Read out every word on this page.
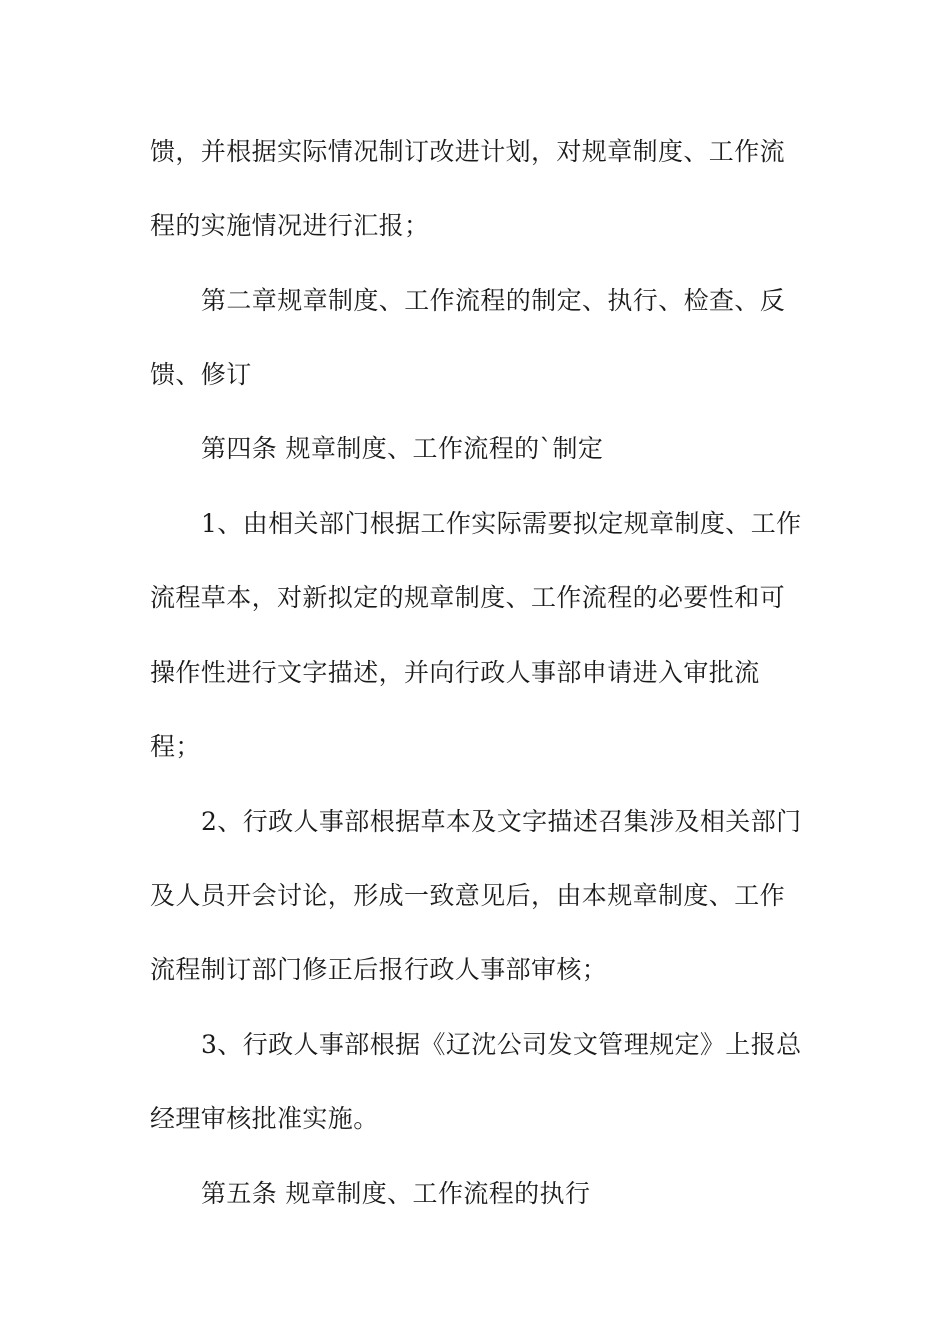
馈，并根据实际情况制订改进计划，对规章制度、工作流
程的实施情况进行汇报；
第二章规章制度、工作流程的制定、执行、检查、反
馈、修订
第四条 规章制度、工作流程的`制定
1、由相关部门根据工作实际需要拟定规章制度、工作
流程草本，对新拟定的规章制度、工作流程的必要性和可
操作性进行文字描述，并向行政人事部申请进入审批流
程；
2、行政人事部根据草本及文字描述召集涉及相关部门
及人员开会讨论，形成一致意见后，由本规章制度、工作
流程制订部门修正后报行政人事部审核；
3、行政人事部根据《辽沈公司发文管理规定》上报总
经理审核批准实施。
第五条 规章制度、工作流程的执行
